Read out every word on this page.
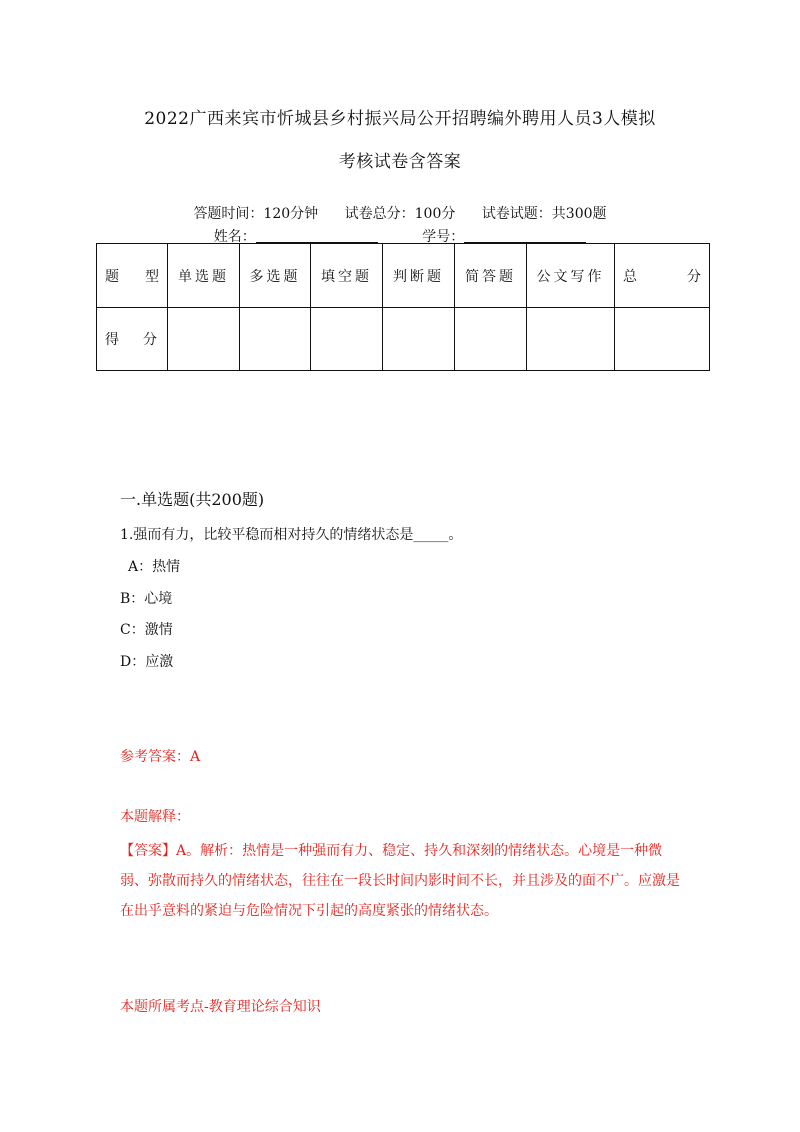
2022广西来宾市忻城县乡村振兴局公开招聘编外聘用人员3人模拟
考核试卷含答案
答题时间：120分钟 试卷总分：100分 试卷试题：共300题
姓名：	学号：
题 型	单选题	多选题	填空题	判断题	简答题	公文写作	总 分

得 分							

一.单选题(共200题)
1.强而有力，比较平稳而相对持久的情绪状态是_____。
A：热情
B：心境
C：激情
D：应激
参考答案：A
本题解释：
【答案】A。解析：热情是一种强而有力、稳定、持久和深刻的情绪状态。心境是一种微弱、弥散而持久的情绪状态，往往在一段长时间内影时间不长，并且涉及的面不广。应激是在出乎意料的紧迫与危险情况下引起的高度紧张的情绪状态。
本题所属考点-教育理论综合知识
